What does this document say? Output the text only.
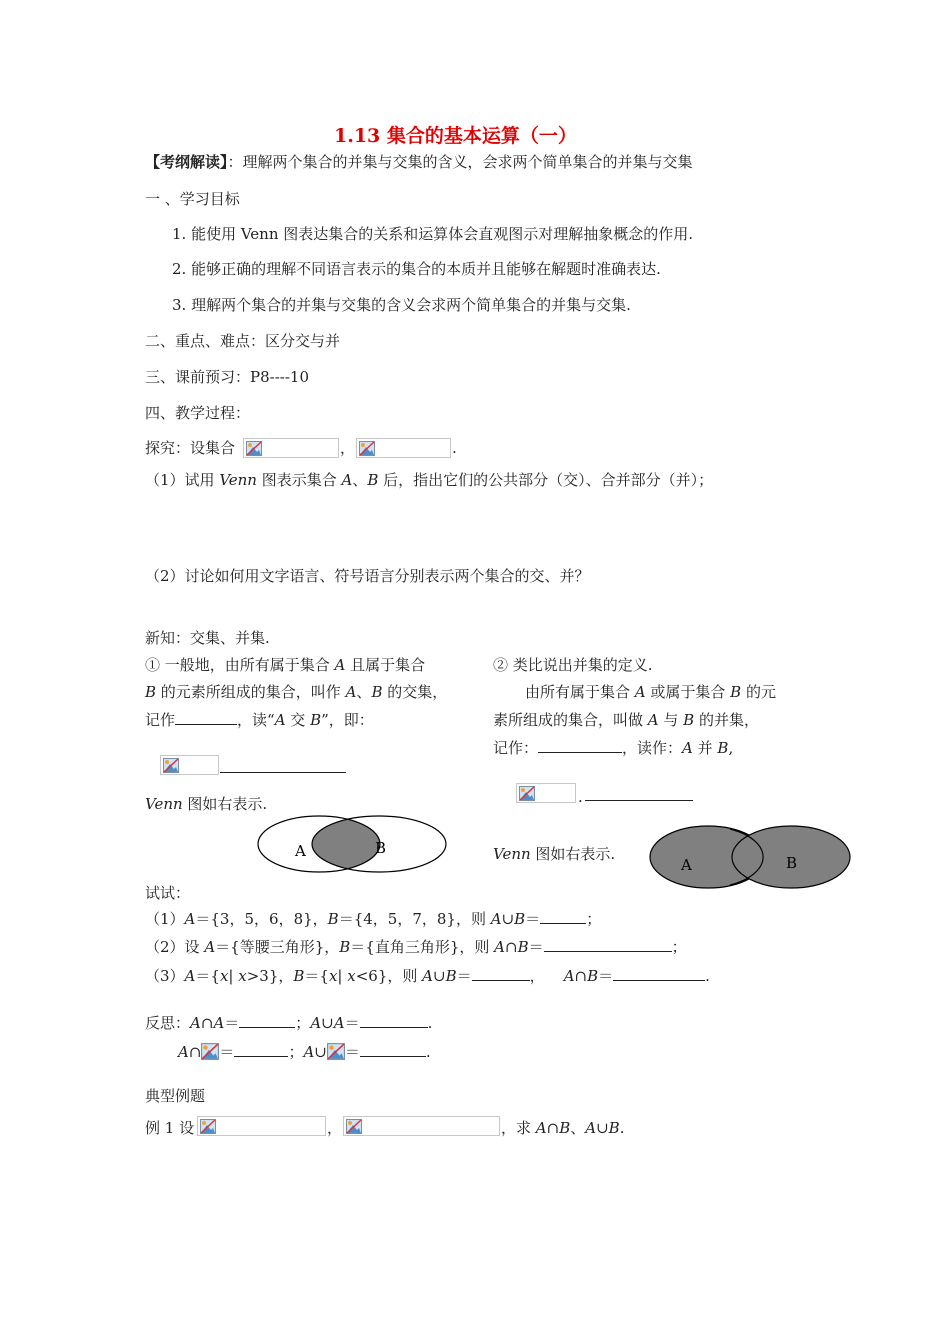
1.13 集合的基本运算（一）
【考纲解读】：理解两个集合的并集与交集的含义，会求两个简单集合的并集与交集
一 、学习目标
1. 能使用 Venn 图表达集合的关系和运算体会直观图示对理解抽象概念的作用.
2. 能够正确的理解不同语言表示的集合的本质并且能够在解题时准确表达.
3. 理解两个集合的并集与交集的含义会求两个简单集合的并集与交集.
二、重点、难点：区分交与并
三、课前预习：P8----10
四、教学过程：
探究：设集合	，	.
（1）试用 Venn 图表示集合 A、B 后，指出它们的公共部分（交）、合并部分（并）；
（2）讨论如何用文字语言、符号语言分别表示两个集合的交、并？
新知：交集、并集.
① 一般地，由所有属于集合 A 且属于集合
B 的元素所组成的集合，叫作 A、B 的交集，
记作	，读“A 交 B”，即：
Venn 图如右表示.
A	B
② 类比说出并集的定义.
由所有属于集合 A 或属于集合 B 的元
素所组成的集合，叫做 A 与 B 的并集，
记作：	，读作：A 并 B,
.
Venn 图如右表示.
A	B
试试：
（1）A＝{3，5，6，8}，B＝{4，5，7，8}，则 A∪B＝	；
（2）设 A＝{等腰三角形}，B＝{直角三角形}，则 A∩B＝	；
（3）A＝{x| x>3}，B＝{x| x<6}，则 A∪B＝	，    A∩B＝	.
反思：A∩A＝	；A∪A＝	.
A∩ ＝	；A∪ ＝	.
典型例题
例 1 设	，	，求 A∩B、A∪B.
